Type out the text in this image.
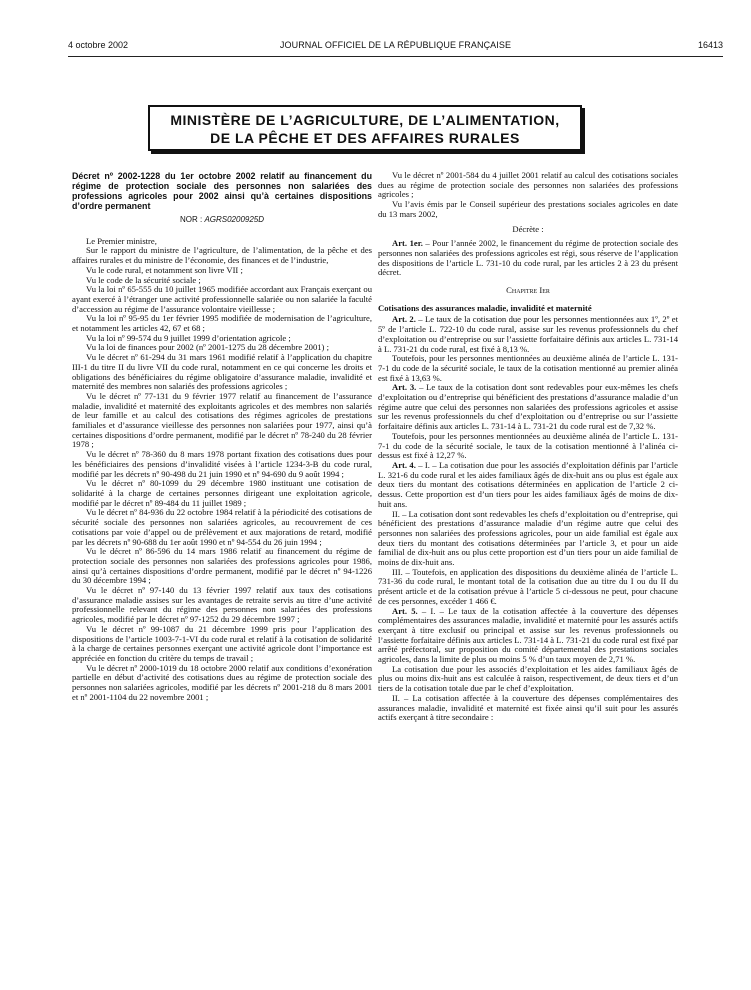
4 octobre 2002	JOURNAL OFFICIEL DE LA RÉPUBLIQUE FRANÇAISE	16413
MINISTÈRE DE L’AGRICULTURE, DE L’ALIMENTATION,
DE LA PÊCHE ET DES AFFAIRES RURALES

Décret nº 2002-1228 du 1er octobre 2002 relatif au financement du régime de protection sociale des personnes non salariées des professions agricoles pour 2002 ainsi qu’à certaines dispositions d’ordre permanent

NOR : AGRS0200925D

Le Premier ministre,

Sur le rapport du ministre de l’agriculture, de l’alimentation, de la pêche et des affaires rurales et du ministre de l’économie, des finances et de l’industrie,

Vu le code rural, et notamment son livre VII ;

Vu le code de la sécurité sociale ;

Vu la loi nº 65-555 du 10 juillet 1965 modifiée accordant aux Français exerçant ou ayant exercé à l’étranger une activité professionnelle salariée ou non salariée la faculté d’accession au régime de l’assurance volontaire vieillesse ;

Vu la loi nº 95-95 du 1er février 1995 modifiée de modernisation de l’agriculture, et notamment les articles 42, 67 et 68 ;

Vu la loi nº 99-574 du 9 juillet 1999 d’orientation agricole ;

Vu la loi de finances pour 2002 (nº 2001-1275 du 28 décembre 2001) ;

Vu le décret nº 61-294 du 31 mars 1961 modifié relatif à l’application du chapitre III-1 du titre II du livre VII du code rural, notamment en ce qui concerne les droits et obligations des bénéficiaires du régime obligatoire d’assurance maladie, invalidité et maternité des membres non salariés des professions agricoles ;

Vu le décret nº 77-131 du 9 février 1977 relatif au financement de l’assurance maladie, invalidité et maternité des exploitants agricoles et des membres non salariés de leur famille et au calcul des cotisations des régimes agricoles de prestations familiales et d’assurance vieillesse des personnes non salariées pour 1977, ainsi qu’à certaines dispositions d’ordre permanent, modifié par le décret nº 78-240 du 28 février 1978 ;

Vu le décret nº 78-360 du 8 mars 1978 portant fixation des cotisations dues pour les bénéficiaires des pensions d’invalidité visées à l’article 1234-3-B du code rural, modifié par les décrets nº 90-498 du 21 juin 1990 et nº 94-690 du 9 août 1994 ;

Vu le décret nº 80-1099 du 29 décembre 1980 instituant une cotisation de solidarité à la charge de certaines personnes dirigeant une exploitation agricole, modifié par le décret nº 89-484 du 11 juillet 1989 ;

Vu le décret nº 84-936 du 22 octobre 1984 relatif à la périodicité des cotisations de sécurité sociale des personnes non salariées agricoles, au recouvrement de ces cotisations par voie d’appel ou de prélèvement et aux majorations de retard, modifié par les décrets nº 90-688 du 1er août 1990 et nº 94-554 du 26 juin 1994 ;

Vu le décret nº 86-596 du 14 mars 1986 relatif au financement du régime de protection sociale des personnes non salariées des professions agricoles pour 1986, ainsi qu’à certaines dispositions d’ordre permanent, modifié par le décret nº 94-1226 du 30 décembre 1994 ;

Vu le décret nº 97-140 du 13 février 1997 relatif aux taux des cotisations d’assurance maladie assises sur les avantages de retraite servis au titre d’une activité professionnelle relevant du régime des personnes non salariées des professions agricoles, modifié par le décret nº 97-1252 du 29 décembre 1997 ;

Vu le décret nº 99-1087 du 21 décembre 1999 pris pour l’application des dispositions de l’article 1003-7-1-VI du code rural et relatif à la cotisation de solidarité à la charge de certaines personnes exerçant une activité agricole dont l’importance est appréciée en fonction du critère du temps de travail ;

Vu le décret nº 2000-1019 du 18 octobre 2000 relatif aux conditions d’exonération partielle en début d’activité des cotisations dues au régime de protection sociale des personnes non salariées agricoles, modifié par les décrets nº 2001-218 du 8 mars 2001 et nº 2001-1104 du 22 novembre 2001 ;

Vu le décret nº 2001-584 du 4 juillet 2001 relatif au calcul des cotisations sociales dues au régime de protection sociale des personnes non salariées des professions agricoles ;

Vu l’avis émis par le Conseil supérieur des prestations sociales agricoles en date du 13 mars 2002,

Décrète :

Art. 1er. – Pour l’année 2002, le financement du régime de protection sociale des personnes non salariées des professions agricoles est régi, sous réserve de l’application des dispositions de l’article L. 731-10 du code rural, par les articles 2 à 23 du présent décret.

Chapitre Ier

Cotisations des assurances maladie, invalidité et maternité

Art. 2. – Le taux de la cotisation due pour les personnes mentionnées aux 1º, 2º et 5º de l’article L. 722-10 du code rural, assise sur les revenus professionnels du chef d’exploitation ou d’entreprise ou sur l’assiette forfaitaire définis aux articles L. 731-14 à L. 731-21 du code rural, est fixé à 8,13 %.

Toutefois, pour les personnes mentionnées au deuxième alinéa de l’article L. 131-7-1 du code de la sécurité sociale, le taux de la cotisation mentionné au premier alinéa est fixé à 13,63 %.

Art. 3. – Le taux de la cotisation dont sont redevables pour eux-mêmes les chefs d’exploitation ou d’entreprise qui bénéficient des prestations d’assurance maladie d’un régime autre que celui des personnes non salariées des professions agricoles et assise sur les revenus professionnels du chef d’exploitation ou d’entreprise ou sur l’assiette forfaitaire définis aux articles L. 731-14 à L. 731-21 du code rural est de 7,32 %.

Toutefois, pour les personnes mentionnées au deuxième alinéa de l’article L. 131-7-1 du code de la sécurité sociale, le taux de la cotisation mentionné à l’alinéa ci-dessus est fixé à 12,27 %.

Art. 4. – I. – La cotisation due pour les associés d’exploitation définis par l’article L. 321-6 du code rural et les aides familiaux âgés de dix-huit ans ou plus est égale aux deux tiers du montant des cotisations déterminées en application de l’article 2 ci-dessus. Cette proportion est d’un tiers pour les aides familiaux âgés de moins de dix-huit ans.

II. – La cotisation dont sont redevables les chefs d’exploitation ou d’entreprise, qui bénéficient des prestations d’assurance maladie d’un régime autre que celui des personnes non salariées des professions agricoles, pour un aide familial est égale aux deux tiers du montant des cotisations déterminées par l’article 3, et pour un aide familial de dix-huit ans ou plus cette proportion est d’un tiers pour un aide familial de moins de dix-huit ans.

III. – Toutefois, en application des dispositions du deuxième alinéa de l’article L. 731-36 du code rural, le montant total de la cotisation due au titre du I ou du II du présent article et de la cotisation prévue à l’article 5 ci-dessous ne peut, pour chacune de ces personnes, excéder 1 466 €.

Art. 5. – I. – Le taux de la cotisation affectée à la couverture des dépenses complémentaires des assurances maladie, invalidité et maternité pour les assurés actifs exerçant à titre exclusif ou principal et assise sur les revenus professionnels ou l’assiette forfaitaire définis aux articles L. 731-14 à L. 731-21 du code rural est fixé par arrêté préfectoral, sur proposition du comité départemental des prestations sociales agricoles, dans la limite de plus ou moins 5 % d’un taux moyen de 2,71 %.

La cotisation due pour les associés d’exploitation et les aides familiaux âgés de plus ou moins dix-huit ans est calculée à raison, respectivement, de deux tiers et d’un tiers de la cotisation totale due par le chef d’exploitation.

II. – La cotisation affectée à la couverture des dépenses complémentaires des assurances maladie, invalidité et maternité est fixée ainsi qu’il suit pour les assurés actifs exerçant à titre secondaire :
